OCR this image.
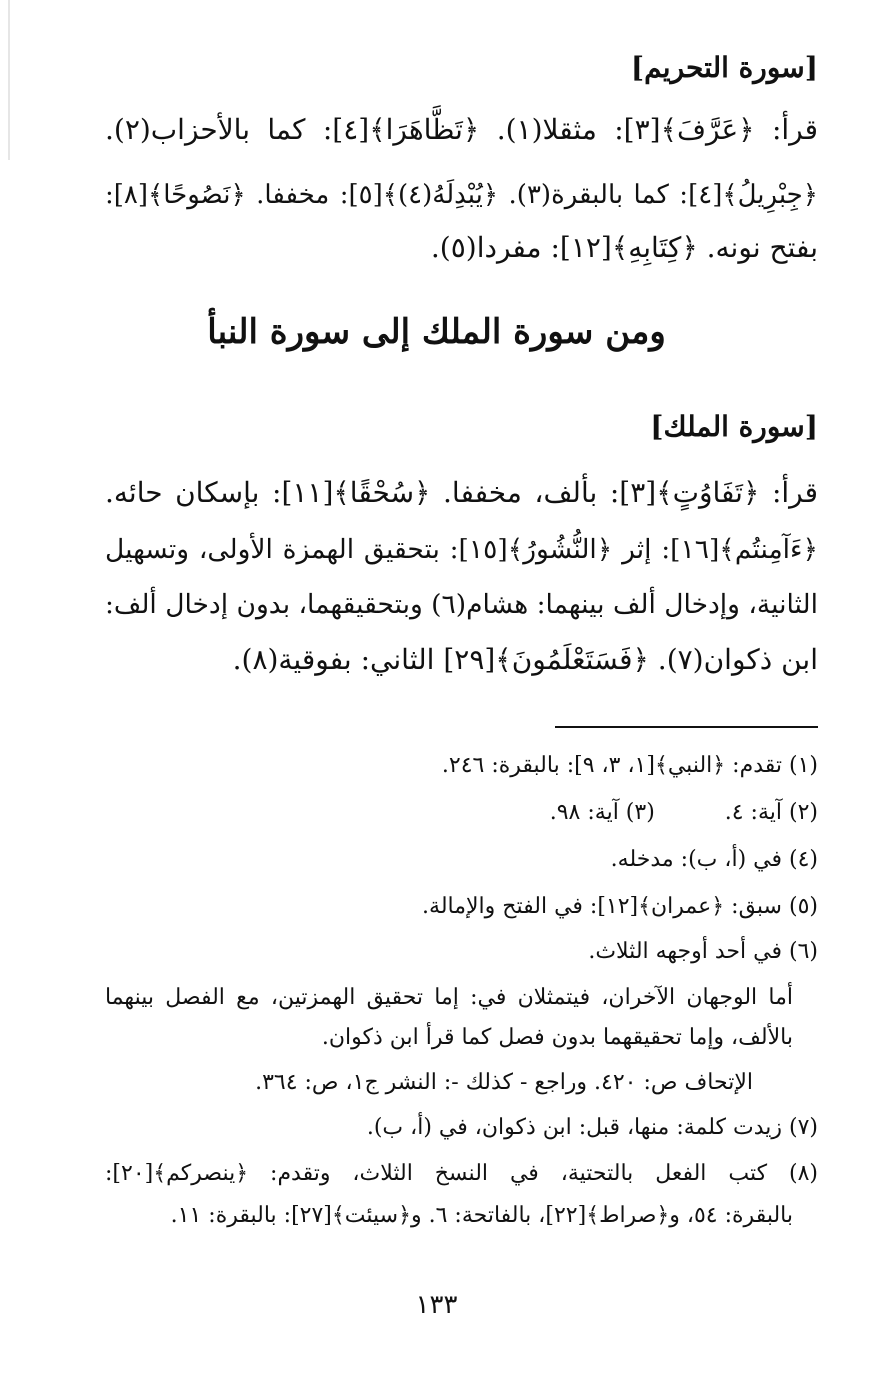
[سورة التحريم]
قرأ: ﴿عَرَّفَ﴾[٣]: مثقلا(١). ﴿تَظَّاهَرَا﴾[٤]: كما بالأحزاب(٢).
﴿جِبْرِيلُ﴾[٤]: كما بالبقرة(٣). ﴿يُبْدِلَهُ(٤)﴾[٥]: مخففا. ﴿نَصُوحًا﴾[٨]:
بفتح نونه. ﴿كِتَابِهِ﴾[١٢]: مفردا(٥).
ومن سورة الملك إلى سورة النبأ
[سورة الملك]
قرأ: ﴿تَفَاوُتٍ﴾[٣]: بألف، مخففا. ﴿سُحْقًا﴾[١١]: بإسكان حائه.
﴿ءَآمِنتُم﴾[١٦]: إثر ﴿النُّشُورُ﴾[١٥]: بتحقيق الهمزة الأولى، وتسهيل
الثانية، وإدخال ألف بينهما: هشام(٦) وبتحقيقهما، بدون إدخال ألف:
ابن ذكوان(٧). ﴿فَسَتَعْلَمُونَ﴾[٢٩] الثاني: بفوقية(٨).
(١) تقدم: ﴿النبي﴾[١، ٣، ٩]: بالبقرة: ٢٤٦.
(٢) آية: ٤.          (٣) آية: ٩٨.
(٤) في (أ، ب): مدخله.
(٥) سبق: ﴿عمران﴾[١٢]: في الفتح والإمالة.
(٦) في أحد أوجهه الثلاث.
أما الوجهان الآخران، فيتمثلان في: إما تحقيق الهمزتين، مع الفصل بينهما
بالألف، وإما تحقيقهما بدون فصل كما قرأ ابن ذكوان.
الإتحاف ص: ٤٢٠. وراجع - كذلك -: النشر ج١، ص: ٣٦٤.
(٧) زيدت كلمة: منها، قبل: ابن ذكوان، في (أ، ب).
(٨) كتب الفعل بالتحتية، في النسخ الثلاث، وتقدم: ﴿ينصركم﴾[٢٠]:
بالبقرة: ٥٤، و﴿صراط﴾[٢٢]، بالفاتحة: ٦. و﴿سيئت﴾[٢٧]: بالبقرة: ١١.
١٣٣
